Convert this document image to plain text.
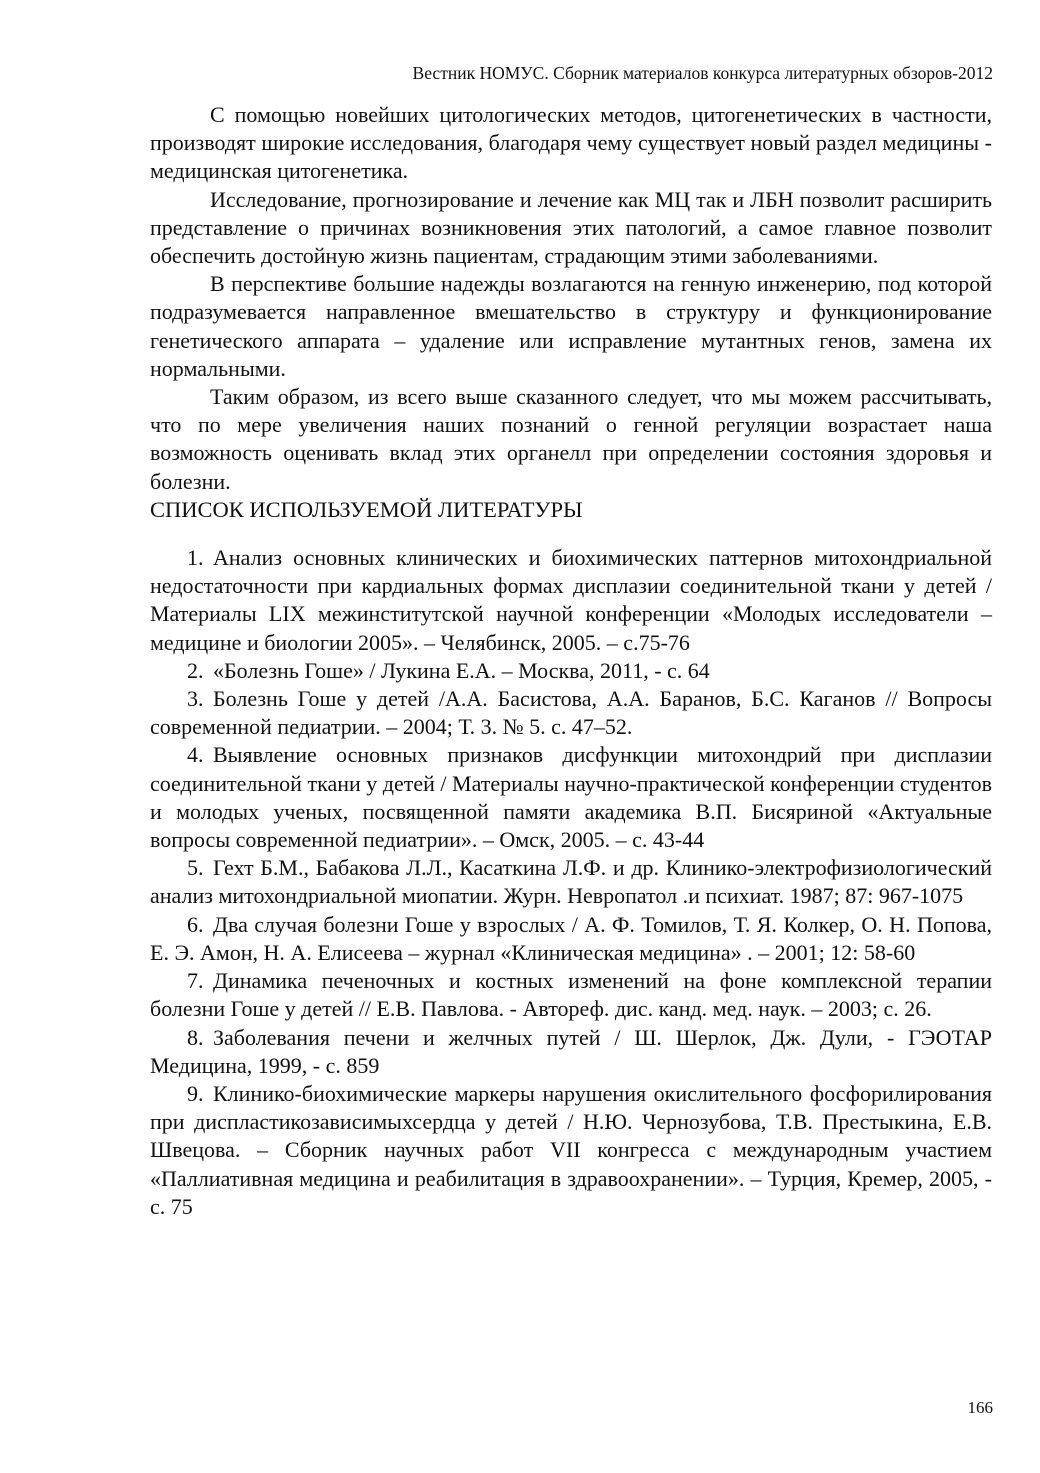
Вестник НОМУС. Сборник материалов конкурса литературных обзоров-2012

С помощью новейших цитологических методов, цитогенетических в частности, производят широкие исследования, благодаря чему существует новый раздел медицины - медицинская цитогенетика.

Исследование, прогнозирование и лечение как МЦ так и ЛБН позволит расширить представление о причинах возникновения этих патологий, а самое главное позволит обеспечить достойную жизнь пациентам, страдающим этими заболеваниями.

В перспективе большие надежды возлагаются на генную инженерию, под которой подразумевается направленное вмешательство в структуру и функционирование генетического аппарата – удаление или исправление мутантных генов, замена их нормальными.

Таким образом, из всего выше сказанного следует, что мы можем рассчитывать, что по мере увеличения наших познаний о генной регуляции возрастает наша возможность оценивать вклад этих органелл при определении состояния здоровья и болезни.

СПИСОК ИСПОЛЬЗУЕМОЙ ЛИТЕРАТУРЫ

1. Анализ основных клинических и биохимических паттернов митохондриальной недостаточности при кардиальных формах дисплазии соединительной ткани у детей / Материалы LIX межинститутской научной конференции «Молодых исследователи – медицине и биологии 2005». – Челябинск, 2005. – с.75-76

2. «Болезнь Гоше» / Лукина Е.А. – Москва, 2011, - с. 64

3. Болезнь Гоше у детей /А.А. Басистова, А.А. Баранов, Б.С. Каганов // Вопросы современной педиатрии. – 2004; Т. 3. № 5. с. 47–52.

4. Выявление основных признаков дисфункции митохондрий при дисплазии соединительной ткани у детей / Материалы научно-практической конференции студентов и молодых ученых, посвященной памяти академика В.П. Бисяриной «Актуальные вопросы современной педиатрии». – Омск, 2005. – с. 43-44

5. Гехт Б.М., Бабакова Л.Л., Касаткина Л.Ф. и др. Клинико-электрофизиологический анализ митохондриальной миопатии. Журн. Невропатол .и психиат. 1987; 87: 967-1075

6. Два случая болезни Гоше у взрослых / А. Ф. Томилов, Т. Я. Колкер, О. Н. Попова, Е. Э. Амон, Н. А. Елисеева – журнал «Клиническая медицина» . – 2001; 12: 58-60

7. Динамика печеночных и костных изменений на фоне комплексной терапии болезни Гоше у детей // Е.В. Павлова. - Автореф. дис. канд. мед. наук. – 2003; с. 26.

8. Заболевания печени и желчных путей / Ш. Шерлок, Дж. Дули, - ГЭОТАР Медицина, 1999, - с. 859

9. Клинико-биохимические маркеры нарушения окислительного фосфорилирования при диспластикозависимыхсердца у детей / Н.Ю. Чернозубова, Т.В. Престыкина, Е.В. Швецова. – Сборник научных работ VII конгресса с международным участием «Паллиативная медицина и реабилитация в здравоохранении». – Турция, Кремер, 2005, - с. 75

166
